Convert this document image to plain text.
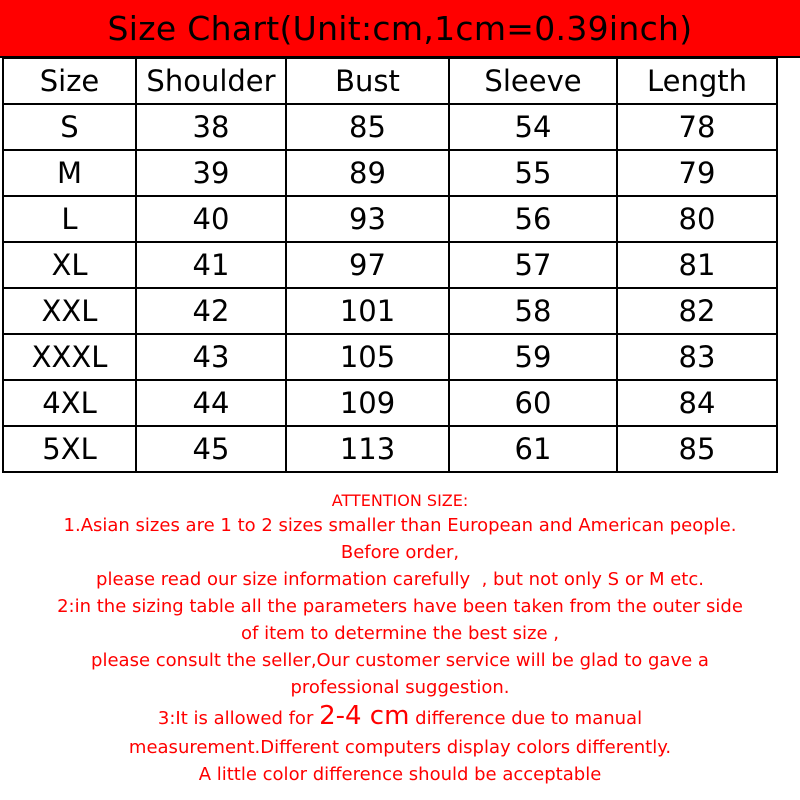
Size Chart(Unit:cm,1cm=0.39inch)
Size	Shoulder	Bust	Sleeve	Length
S	38	85	54	78
M	39	89	55	79
L	40	93	56	80
XL	41	97	57	81
XXL	42	101	58	82
XXXL	43	105	59	83
4XL	44	109	60	84
5XL	45	113	61	85
ATTENTION SIZE:
1.Asian sizes are 1 to 2 sizes smaller than European and American people.
Before order,
please read our size information carefully  , but not only S or M etc.
2:in the sizing table all the parameters have been taken from the outer side
of item to determine the best size ,
please consult the seller,Our customer service will be glad to gave a
professional suggestion.
3:It is allowed for 2-4 cm difference due to manual
measurement.Different computers display colors differently.
A little color difference should be acceptable
